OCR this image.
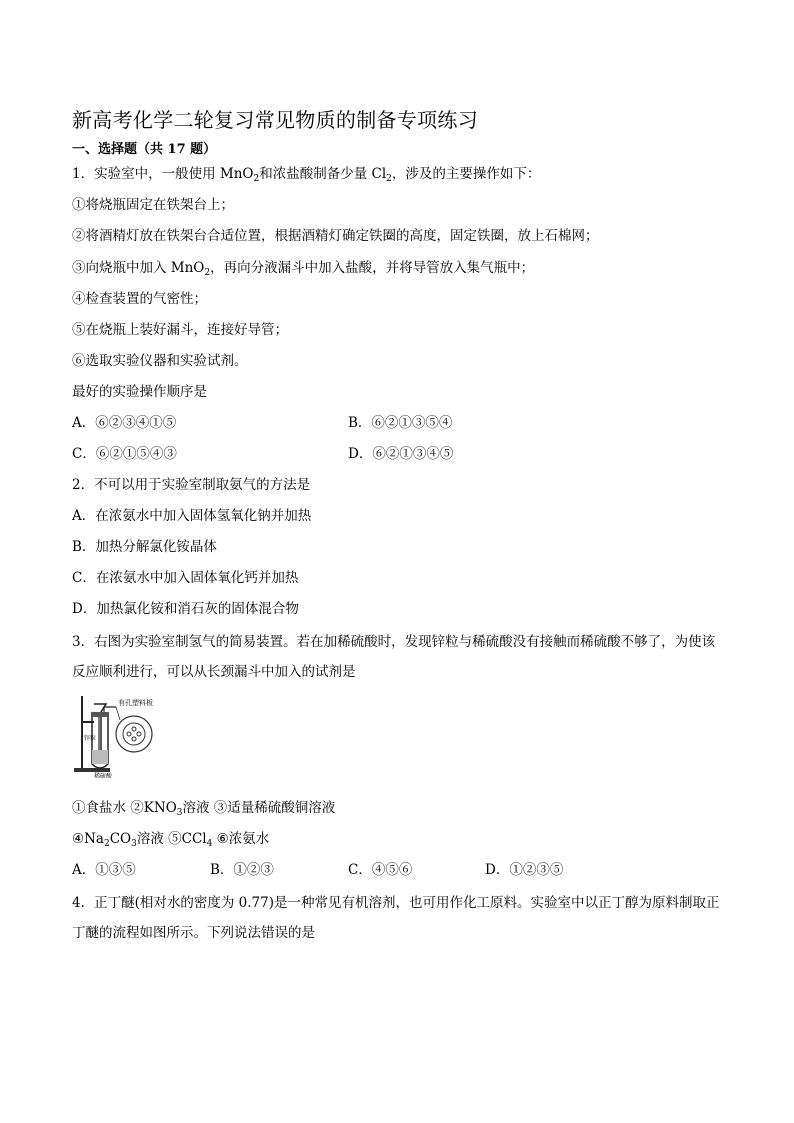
新高考化学二轮复习常见物质的制备专项练习
一、选择题（共 17 题）
1．实验室中，一般使用 MnO$_2$和浓盐酸制备少量 $Cl_2$，涉及的主要操作如下：
①将烧瓶固定在铁架台上；
②将酒精灯放在铁架台合适位置，根据酒精灯确定铁圈的高度，固定铁圈，放上石棉网；
③向烧瓶中加入 MnO$_2$，再向分液漏斗中加入盐酸，并将导管放入集气瓶中；
④检查装置的气密性；
⑤在烧瓶上装好漏斗，连接好导管；
⑥选取实验仪器和实验试剂。
最好的实验操作顺序是
A．⑥②③④①⑤	B．⑥②①③⑤④
C．⑥②①⑤④③	D．⑥②①③④⑤
2．不可以用于实验室制取氨气的方法是
A．在浓氨水中加入固体氢氧化钠并加热
B．加热分解氯化铵晶体
C．在浓氨水中加入固体氧化钙并加热
D．加热氯化铵和消石灰的固体混合物
3．右图为实验室制氢气的简易装置。若在加稀硫酸时，发现锌粒与稀硫酸没有接触而稀硫酸不够了，为使该反应顺利进行，可以从长颈漏斗中加入的试剂是
有孔塑料板
锌粒
稀硫酸
①食盐水 $②KNO_3$溶液 ③适量稀硫酸铜溶液
$④Na_2CO_3$溶液 ⑤CCl$_4$ ⑥浓氨水
A．①③⑤	B．①②③	C．④⑤⑥	D．①②③⑤
4．正丁醚(相对水的密度为 0.77)是一种常见有机溶剂，也可用作化工原料。实验室中以正丁醇为原料制取正丁醚的流程如图所示。下列说法错误的是
